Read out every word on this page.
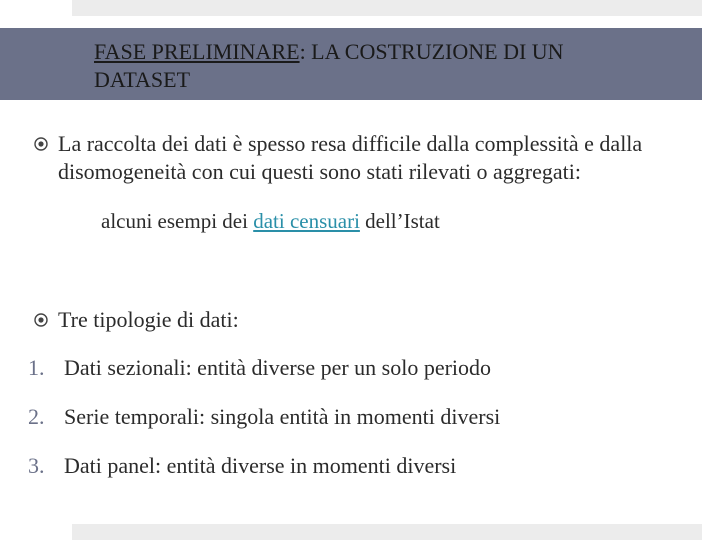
FASE PRELIMINARE: LA COSTRUZIONE DI UN
DATASET
La raccolta dei dati è spesso resa difficile dalla complessità e dalla
disomogeneità con cui questi sono stati rilevati o aggregati:
alcuni esempi dei dati censuari dell’Istat
Tre tipologie di dati:
1. Dati sezionali: entità diverse per un solo periodo
2. Serie temporali: singola entità in momenti diversi
3. Dati panel: entità diverse in momenti diversi
